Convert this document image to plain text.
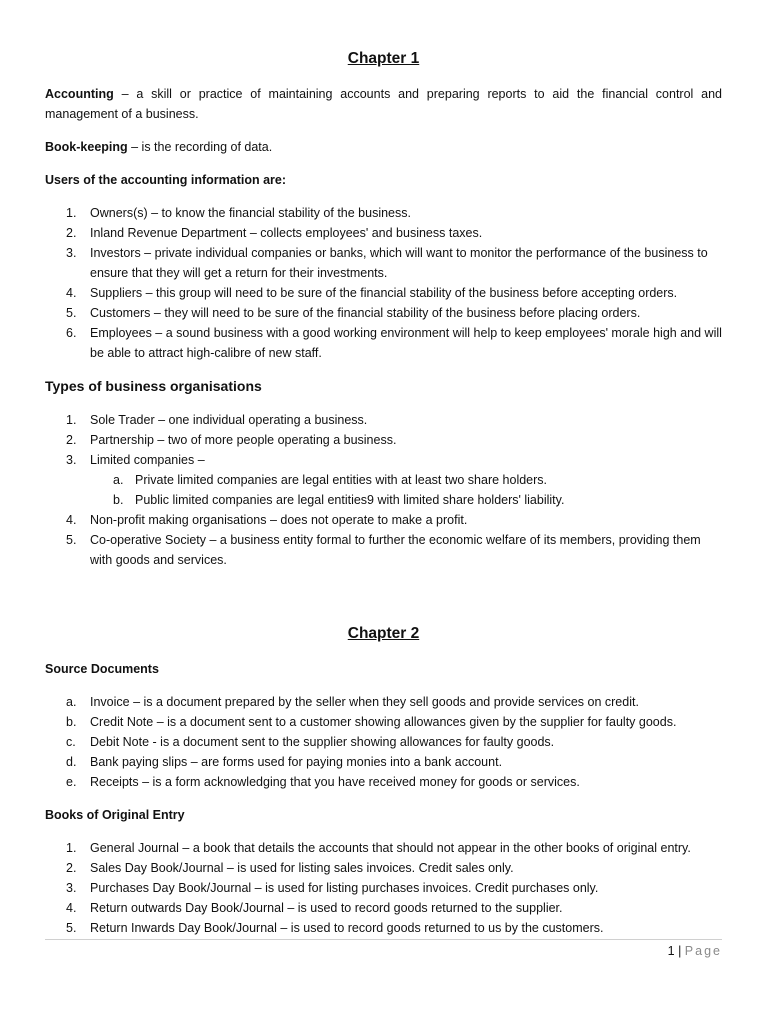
Chapter 1
Accounting – a skill or practice of maintaining accounts and preparing reports to aid the financial control and management of a business.
Book-keeping – is the recording of data.
Users of the accounting information are:
1. Owners(s) – to know the financial stability of the business.
2. Inland Revenue Department – collects employees' and business taxes.
3. Investors – private individual companies or banks, which will want to monitor the performance of the business to ensure that they will get a return for their investments.
4. Suppliers – this group will need to be sure of the financial stability of the business before accepting orders.
5. Customers – they will need to be sure of the financial stability of the business before placing orders.
6. Employees – a sound business with a good working environment will help to keep employees' morale high and will be able to attract high-calibre of new staff.
Types of business organisations
1. Sole Trader – one individual operating a business.
2. Partnership – two of more people operating a business.
3. Limited companies –
a. Private limited companies are legal entities with at least two share holders.
b. Public limited companies are legal entities9 with limited share holders' liability.
4. Non-profit making organisations – does not operate to make a profit.
5. Co-operative Society – a business entity formal to further the economic welfare of its members, providing them with goods and services.
Chapter 2
Source Documents
a. Invoice – is a document prepared by the seller when they sell goods and provide services on credit.
b. Credit Note – is a document sent to a customer showing allowances given by the supplier for faulty goods.
c. Debit Note - is a document sent to the supplier showing allowances for faulty goods.
d. Bank paying slips – are forms used for paying monies into a bank account.
e. Receipts – is a form acknowledging that you have received money for goods or services.
Books of Original Entry
1. General Journal – a book that details the accounts that should not appear in the other books of original entry.
2. Sales Day Book/Journal – is used for listing sales invoices. Credit sales only.
3. Purchases Day Book/Journal – is used for listing purchases invoices. Credit purchases only.
4. Return outwards Day Book/Journal – is used to record goods returned to the supplier.
5. Return Inwards Day Book/Journal – is used to record goods returned to us by the customers.
1 | Page
